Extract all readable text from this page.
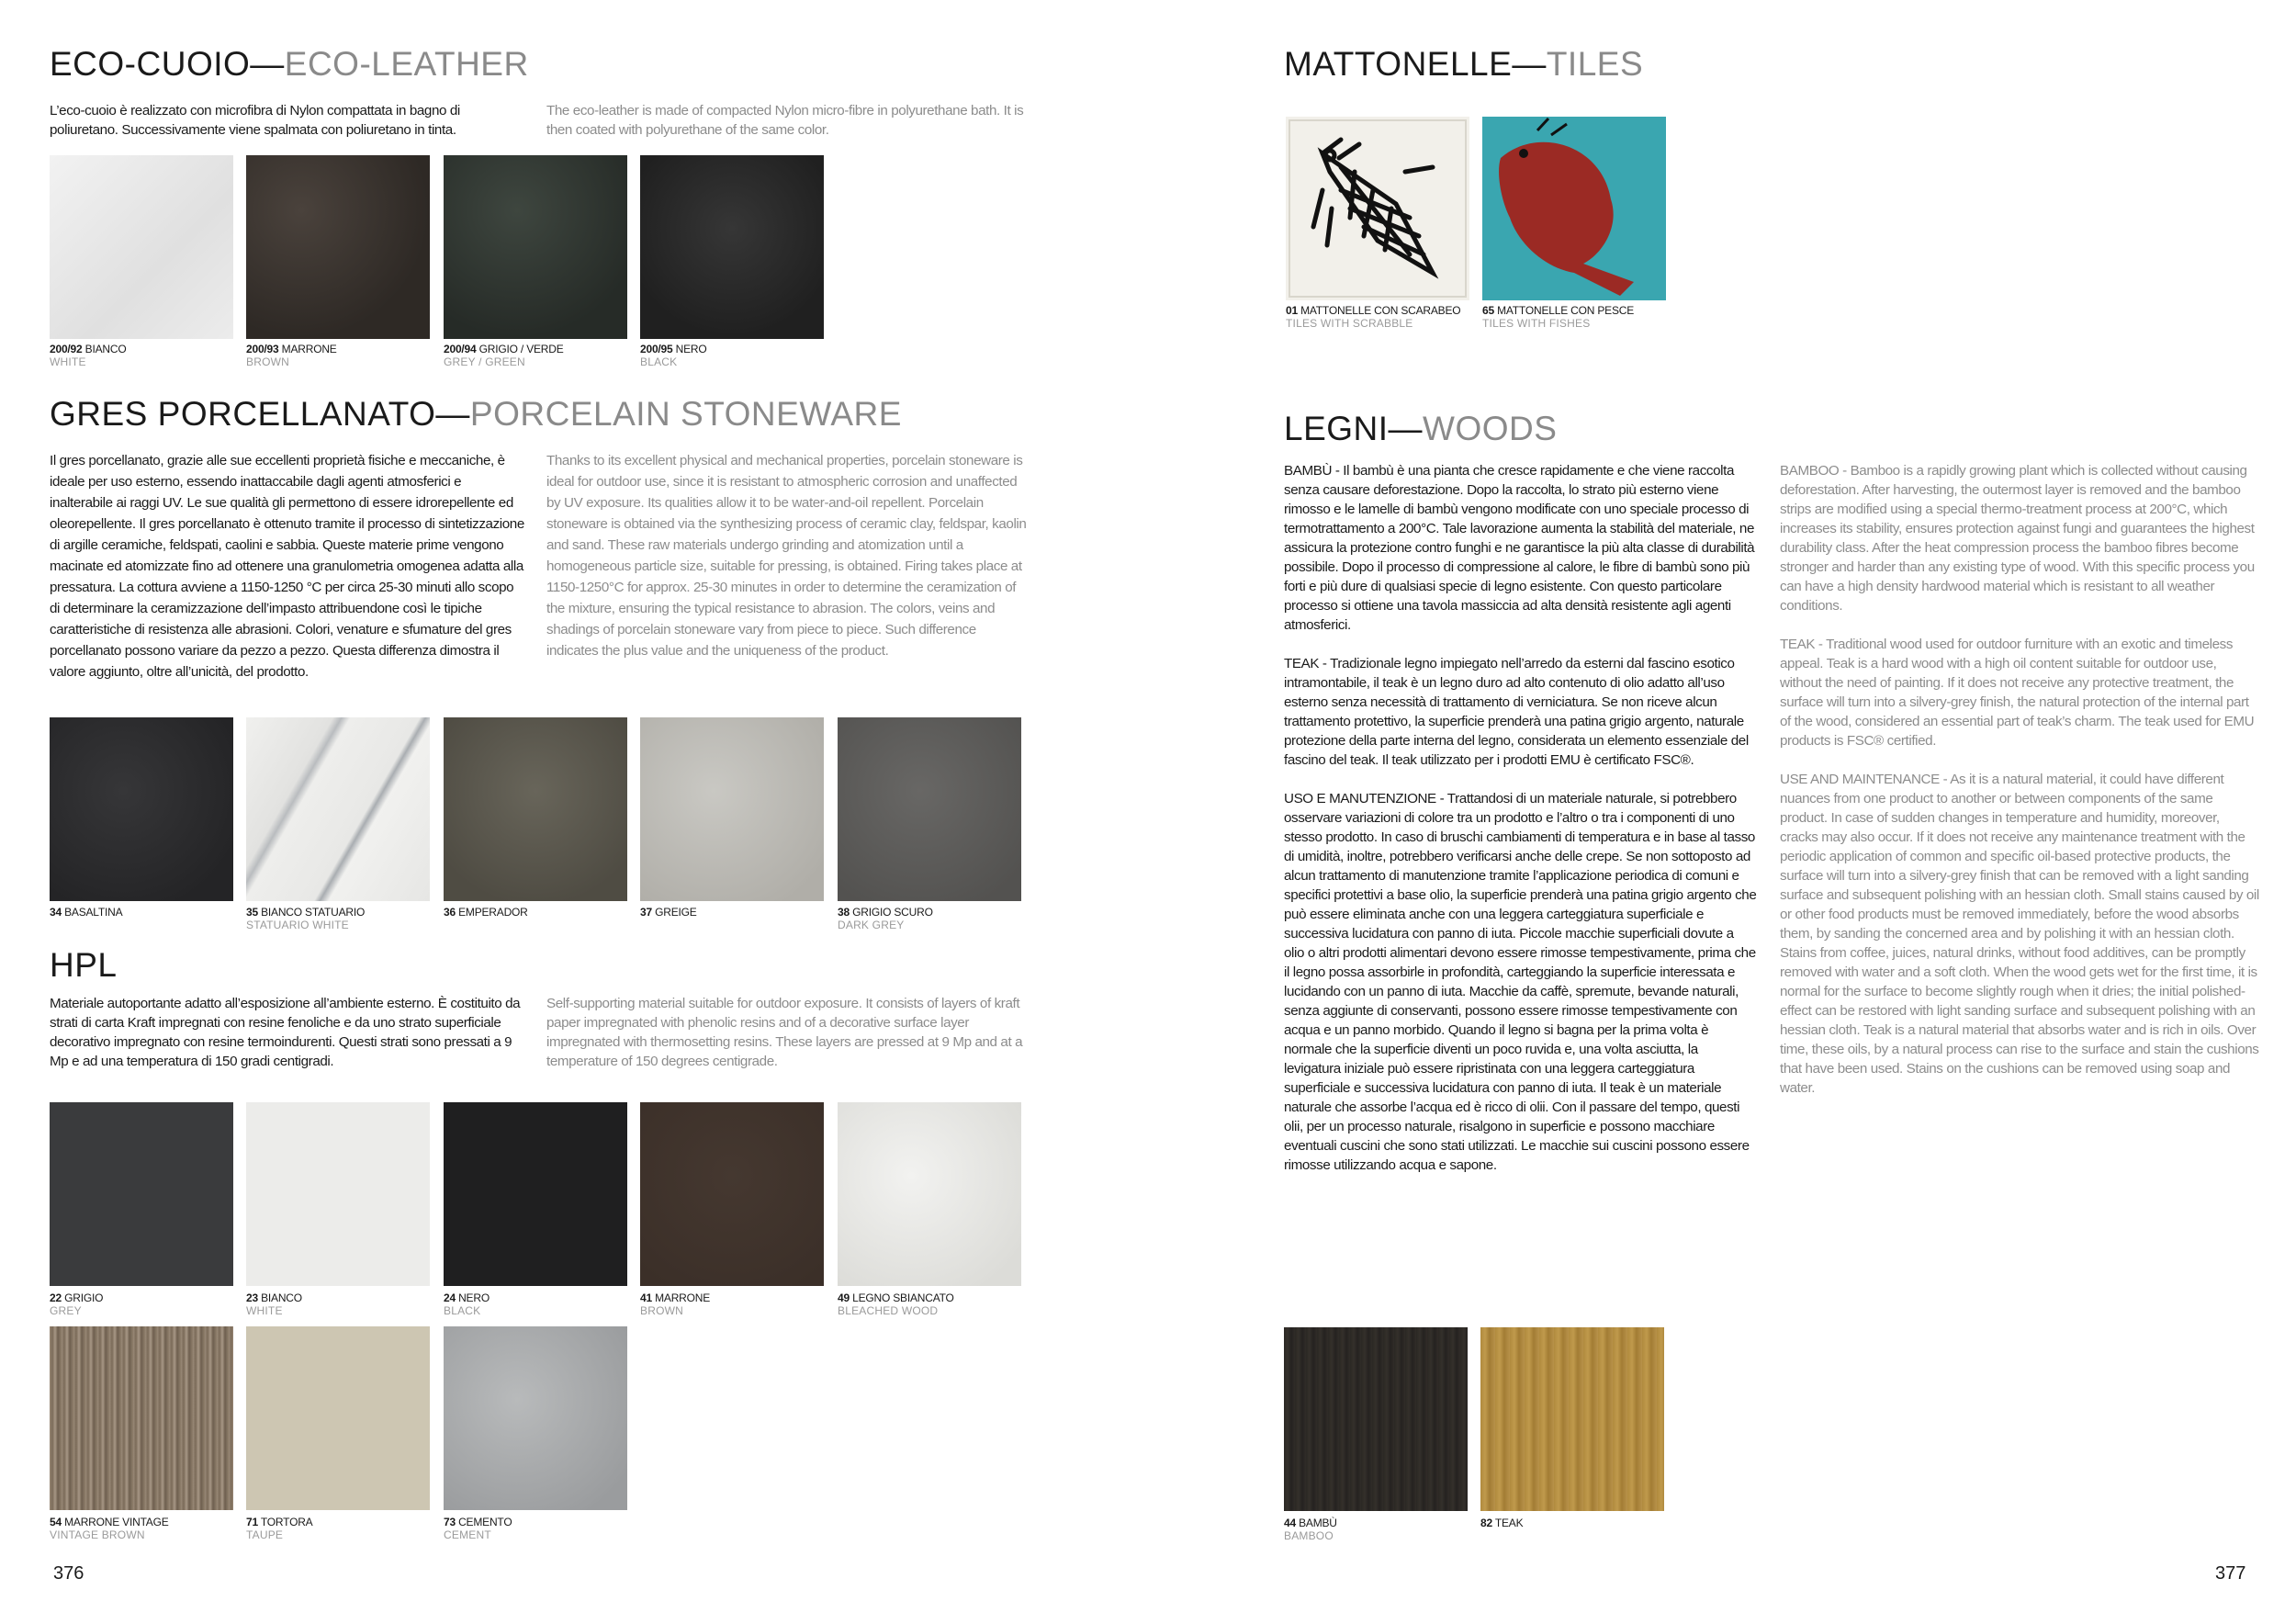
ECO-CUOIO—ECO-LEATHER
L’eco-cuoio è realizzato con microfibra di Nylon compattata in bagno di poliuretano. Successivamente viene spalmata con poliuretano in tinta.
The eco-leather is made of compacted Nylon micro-fibre in polyurethane bath. It is then coated with polyurethane of the same color.
200/92 BIANCO
WHITE
200/93 MARRONE
BROWN
200/94 GRIGIO / VERDE
GREY / GREEN
200/95 NERO
BLACK
GRES PORCELLANATO—PORCELAIN STONEWARE
Il gres porcellanato, grazie alle sue eccellenti proprietà fisiche e meccaniche, è ideale per uso esterno, essendo inattaccabile dagli agenti atmosferici e inalterabile ai raggi UV. Le sue qualità gli permettono di essere idrorepellente ed oleorepellente. Il gres porcellanato è ottenuto tramite il processo di sintetizzazione di argille ceramiche, feldspati, caolini e sabbia. Queste materie prime vengono macinate ed atomizzate fino ad ottenere una granulometria omogenea adatta alla pressatura. La cottura avviene a 1150-1250 °C per circa 25-30 minuti allo scopo di determinare la ceramizzazione dell’impasto attribuendone così le tipiche caratteristiche di resistenza alle abrasioni. Colori, venature e sfumature del gres porcellanato possono variare da pezzo a pezzo. Questa differenza dimostra il valore aggiunto, oltre all’unicità, del prodotto.
Thanks to its excellent physical and mechanical properties, porcelain stoneware is ideal for outdoor use, since it is resistant to atmospheric corrosion and unaffected by UV exposure. Its qualities allow it to be water-and-oil repellent. Porcelain stoneware is obtained via the synthesizing process of ceramic clay, feldspar, kaolin and sand. These raw materials undergo grinding and atomization until a homogeneous particle size, suitable for pressing, is obtained. Firing takes place at 1150-1250°C for approx. 25-30 minutes in order to determine the ceramization of the mixture, ensuring the typical resistance to abrasion. The colors, veins and shadings of porcelain stoneware vary from piece to piece. Such difference indicates the plus value and the uniqueness of the product.
34 BASALTINA	35 BIANCO STATUARIO
STATUARIO WHITE
36 EMPERADOR	37 GREIGE	38 GRIGIO SCURO
DARK GREY
HPL
Materiale autoportante adatto all’esposizione all’ambiente esterno. È costituito da strati di carta Kraft impregnati con resine fenoliche e da uno strato superficiale decorativo impregnato con resine termoindurenti. Questi strati sono pressati a 9 Mp e ad una temperatura di 150 gradi centigradi.
Self-supporting material suitable for outdoor exposure. It consists of layers of kraft paper impregnated with phenolic resins and of a decorative surface layer impregnated with thermosetting resins. These layers are pressed at 9 Mp and at a temperature of 150 degrees centigrade.
22 GRIGIO
GREY
23 BIANCO
WHITE
24 NERO
BLACK
41 MARRONE
BROWN
49 LEGNO SBIANCATO
BLEACHED WOOD
54 MARRONE VINTAGE
VINTAGE BROWN
71 TORTORA
TAUPE
73 CEMENTO
CEMENT
376
MATTONELLE—TILES
01 MATTONELLE CON SCARABEO
TILES WITH SCRABBLE
65 MATTONELLE CON PESCE
TILES WITH FISHES
LEGNI—WOODS

BAMBÙ - Il bambù è una pianta che cresce rapidamente e che viene raccolta senza causare deforestazione. Dopo la raccolta, lo strato più esterno viene rimosso e le lamelle di bambù vengono modificate con uno speciale processo di termotrattamento a 200°C. Tale lavorazione aumenta la stabilità del materiale, ne assicura la protezione contro funghi e ne garantisce la più alta classe di durabilità possibile. Dopo il processo di compressione al calore, le fibre di bambù sono più forti e più dure di qualsiasi specie di legno esistente. Con questo particolare processo si ottiene una tavola massiccia ad alta densità resistente agli agenti atmosferici.

TEAK - Tradizionale legno impiegato nell’arredo da esterni dal fascino esotico intramontabile, il teak è un legno duro ad alto contenuto di olio adatto all’uso esterno senza necessità di trattamento di verniciatura. Se non riceve alcun trattamento protettivo, la superficie prenderà una patina grigio argento, naturale protezione della parte interna del legno, considerata un elemento essenziale del fascino del teak. Il teak utilizzato per i prodotti EMU è certificato FSC®.

USO E MANUTENZIONE - Trattandosi di un materiale naturale, si potrebbero osservare variazioni di colore tra un prodotto e l’altro o tra i componenti di uno stesso prodotto. In caso di bruschi cambiamenti di temperatura e in base al tasso di umidità, inoltre, potrebbero verificarsi anche delle crepe. Se non sottoposto ad alcun trattamento di manutenzione tramite l’applicazione periodica di comuni e specifici protettivi a base olio, la superficie prenderà una patina grigio argento che può essere eliminata anche con una leggera carteggiatura superficiale e successiva lucidatura con panno di iuta. Piccole macchie superficiali dovute a olio o altri prodotti alimentari devono essere rimosse tempestivamente, prima che il legno possa assorbirle in profondità, carteggiando la superficie interessata e lucidando con un panno di iuta. Macchie da caffè, spremute, bevande naturali, senza aggiunte di conservanti, possono essere rimosse tempestivamente con acqua e un panno morbido. Quando il legno si bagna per la prima volta è normale che la superficie diventi un poco ruvida e, una volta asciutta, la levigatura iniziale può essere ripristinata con una leggera carteggiatura superficiale e successiva lucidatura con panno di iuta. Il teak è un materiale naturale che assorbe l’acqua ed è ricco di olii. Con il passare del tempo, questi olii, per un processo naturale, risalgono in superficie e possono macchiare eventuali cuscini che sono stati utilizzati. Le macchie sui cuscini possono essere rimosse utilizzando acqua e sapone.

BAMBOO - Bamboo is a rapidly growing plant which is collected without causing deforestation. After harvesting, the outermost layer is removed and the bamboo strips are modified using a special thermo-treatment process at 200°C, which increases its stability, ensures protection against fungi and guarantees the highest durability class. After the heat compression process the bamboo fibres become stronger and harder than any existing type of wood. With this specific process you can have a high density hardwood material which is resistant to all weather conditions.

TEAK - Traditional wood used for outdoor furniture with an exotic and timeless appeal. Teak is a hard wood with a high oil content suitable for outdoor use, without the need of painting. If it does not receive any protective treatment, the surface will turn into a silvery-grey finish, the natural protection of the internal part of the wood, considered an essential part of teak’s charm. The teak used for EMU products is FSC® certified.

USE AND MAINTENANCE - As it is a natural material, it could have different nuances from one product to another or between components of the same product. In case of sudden changes in temperature and humidity, moreover, cracks may also occur. If it does not receive any maintenance treatment with the periodic application of common and specific oil-based protective products, the surface will turn into a silvery-grey finish that can be removed with a light sanding surface and subsequent polishing with an hessian cloth. Small stains caused by oil or other food products must be removed immediately, before the wood absorbs them, by sanding the concerned area and by polishing it with an hessian cloth. Stains from coffee, juices, natural drinks, without food additives, can be promptly removed with water and a soft cloth. When the wood gets wet for the first time, it is normal for the surface to become slightly rough when it dries; the initial polished-effect can be restored with light sanding surface and subsequent polishing with an hessian cloth. Teak is a natural material that absorbs water and is rich in oils. Over time, these oils, by a natural process can rise to the surface and stain the cushions that have been used. Stains on the cushions can be removed using soap and water.

44 BAMBÙ
BAMBOO
82 TEAK
377
